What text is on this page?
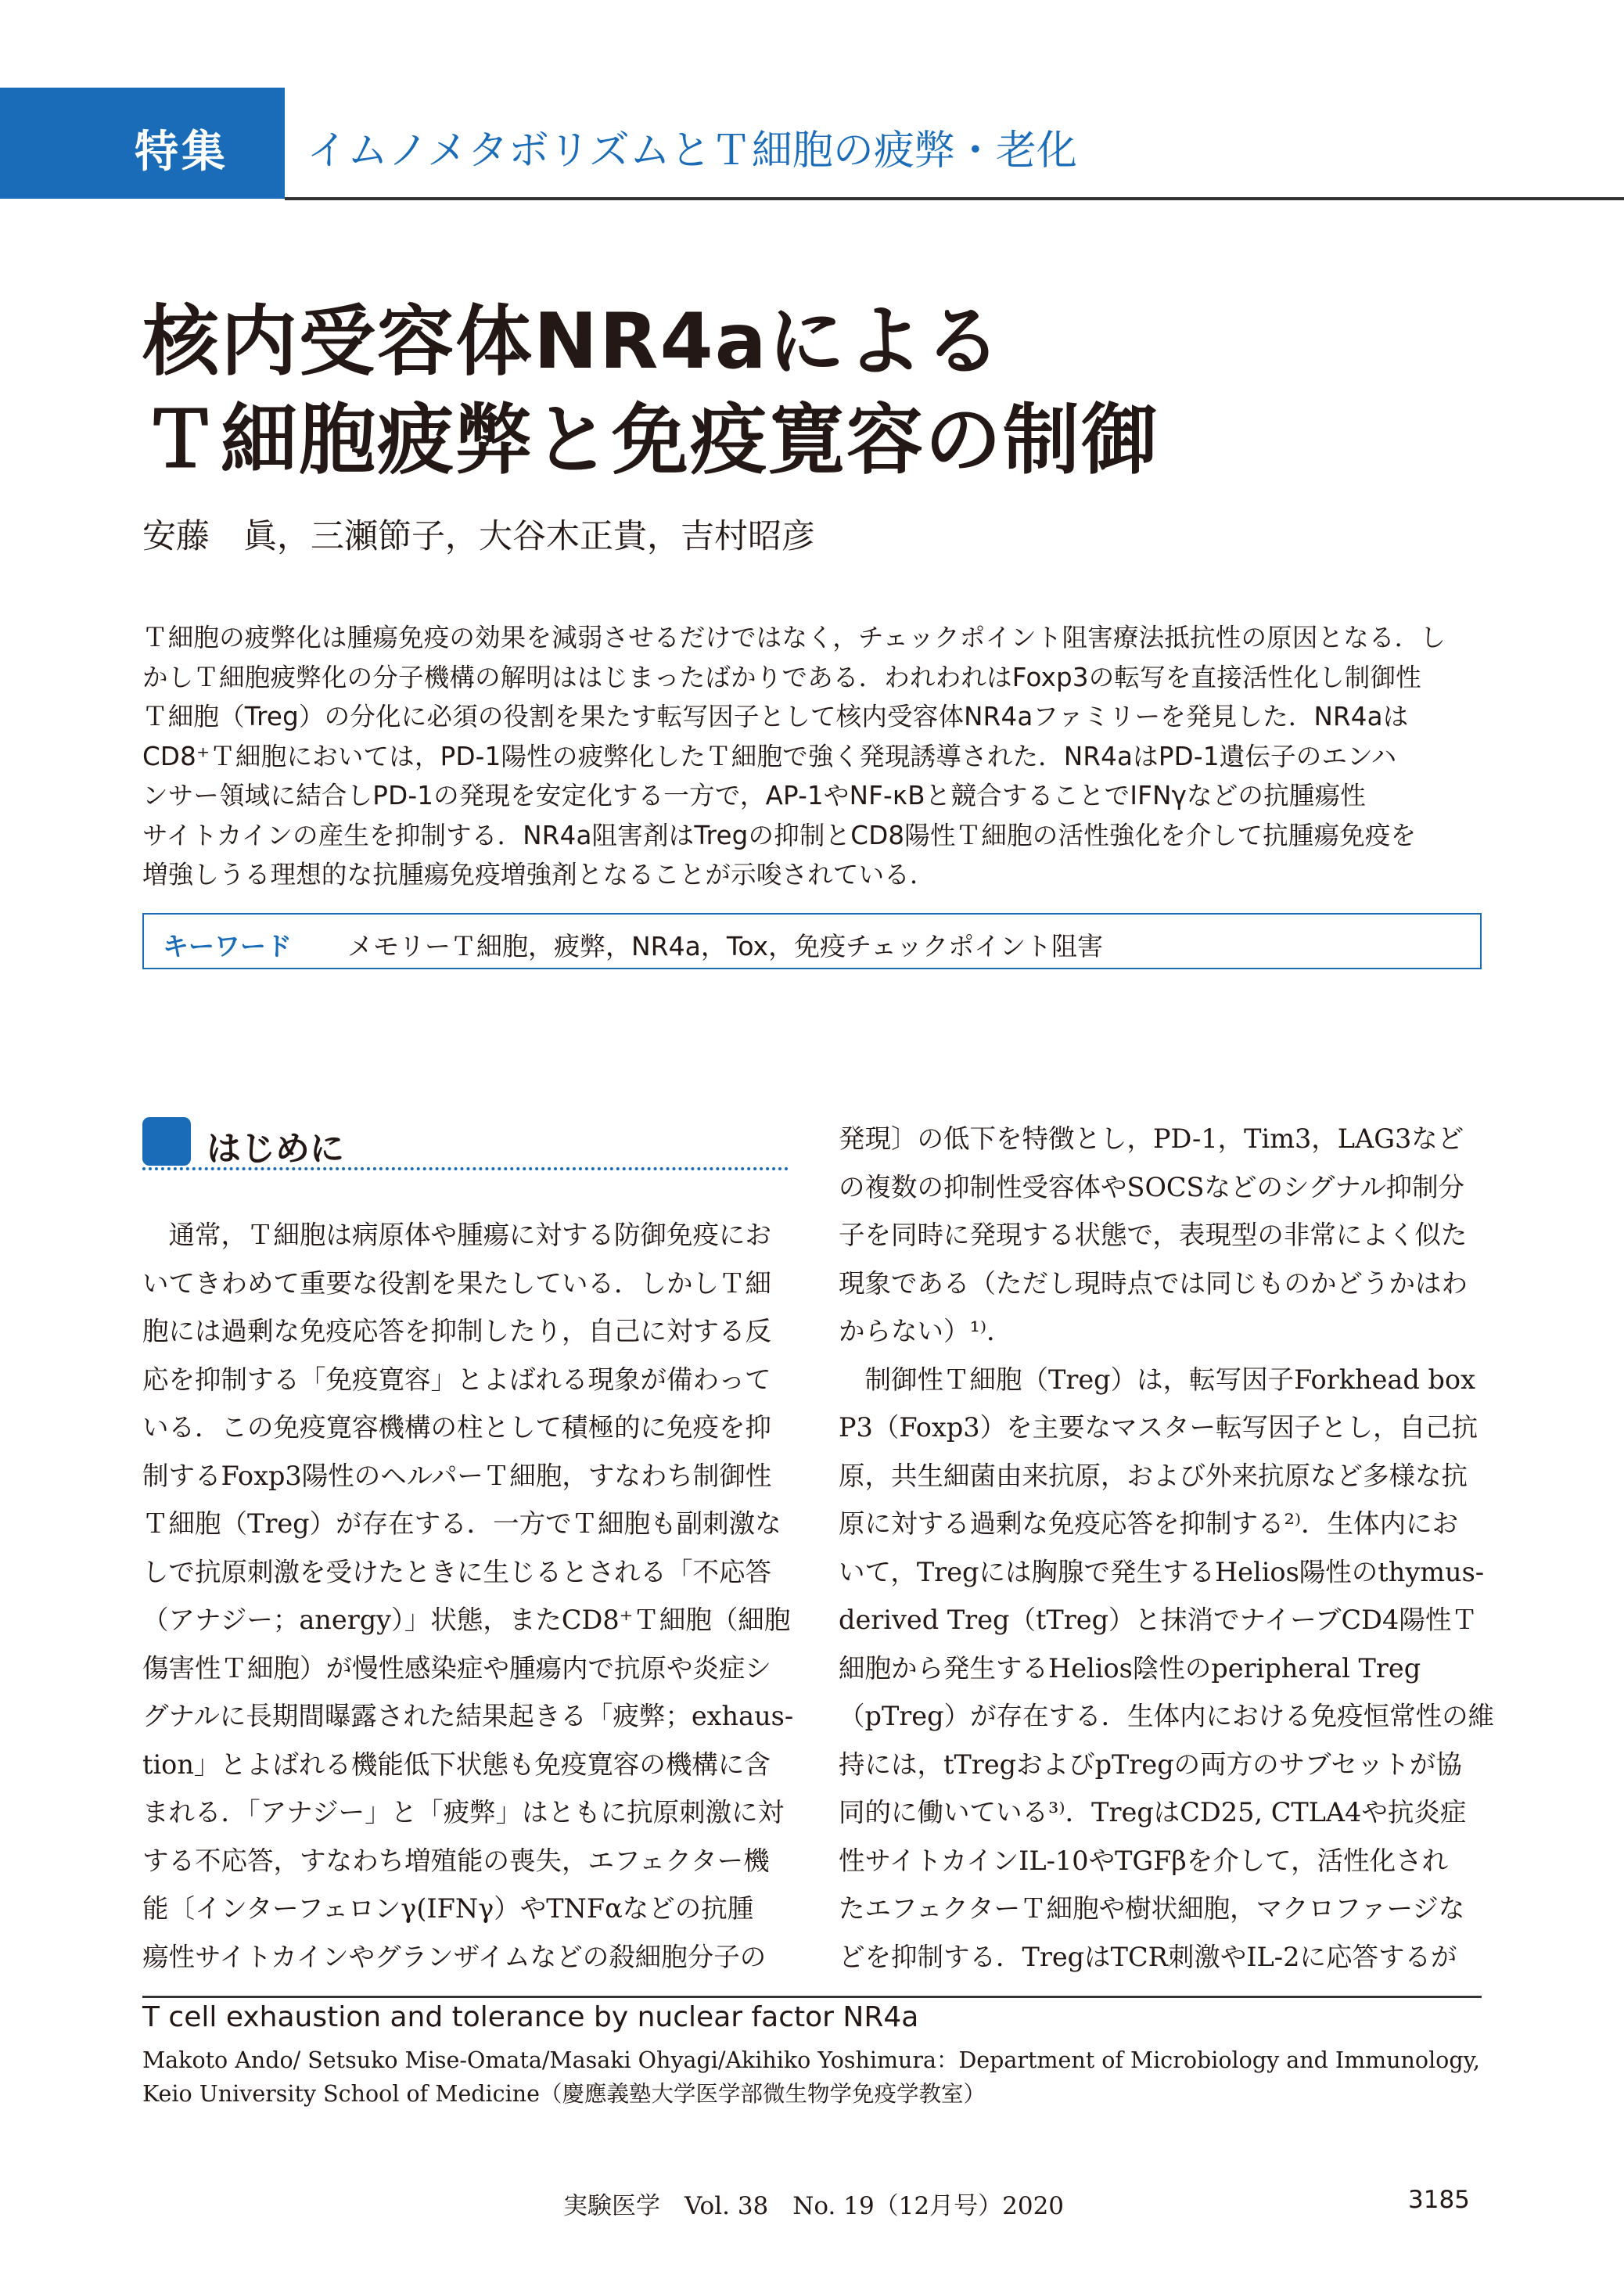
特集 イムノメタボリズムとＴ細胞の疲弊・老化
核内受容体NR4aによる
Ｔ細胞疲弊と免疫寛容の制御
安藤　眞，三瀬節子，大谷木正貴，吉村昭彦

Ｔ細胞の疲弊化は腫瘍免疫の効果を減弱させるだけではなく，チェックポイント阻害療法抵抗性の原因となる．し

かしＴ細胞疲弊化の分子機構の解明ははじまったばかりである．われわれはFoxp3の転写を直接活性化し制御性

Ｔ細胞（Treg）の分化に必須の役割を果たす転写因子として核内受容体NR4aファミリーを発見した．NR4aは

CD8⁺Ｔ細胞においては，PD-1陽性の疲弊化したＴ細胞で強く発現誘導された．NR4aはPD-1遺伝子のエンハ

ンサー領域に結合しPD-1の発現を安定化する一方で，AP-1やNF-κBと競合することでIFNγなどの抗腫瘍性

サイトカインの産生を抑制する．NR4a阻害剤はTregの抑制とCD8陽性Ｔ細胞の活性強化を介して抗腫瘍免疫を

増強しうる理想的な抗腫瘍免疫増強剤となることが示唆されている．

キーワード メモリーＴ細胞，疲弊，NR4a，Tox，免疫チェックポイント阻害
はじめに

　通常，Ｔ細胞は病原体や腫瘍に対する防御免疫にお

いてきわめて重要な役割を果たしている．しかしＴ細

胞には過剰な免疫応答を抑制したり，自己に対する反

応を抑制する「免疫寛容」とよばれる現象が備わって

いる．この免疫寛容機構の柱として積極的に免疫を抑

制するFoxp3陽性のヘルパーＴ細胞，すなわち制御性

Ｔ細胞（Treg）が存在する．一方でＴ細胞も副刺激な

しで抗原刺激を受けたときに生じるとされる「不応答

（アナジー；anergy）」状態，またCD8⁺Ｔ細胞（細胞

傷害性Ｔ細胞）が慢性感染症や腫瘍内で抗原や炎症シ

グナルに長期間曝露された結果起きる「疲弊；exhaus-

tion」とよばれる機能低下状態も免疫寛容の機構に含

まれる．「アナジー」と「疲弊」はともに抗原刺激に対

する不応答，すなわち増殖能の喪失，エフェクター機

能〔インターフェロンγ(IFNγ）やTNFαなどの抗腫

瘍性サイトカインやグランザイムなどの殺細胞分子の

発現〕の低下を特徴とし，PD-1，Tim3，LAG3など

の複数の抑制性受容体やSOCSなどのシグナル抑制分

子を同時に発現する状態で，表現型の非常によく似た

現象である（ただし現時点では同じものかどうかはわ

からない）¹⁾．

　制御性Ｔ細胞（Treg）は，転写因子Forkhead box

P3（Foxp3）を主要なマスター転写因子とし，自己抗

原，共生細菌由来抗原，および外来抗原など多様な抗

原に対する過剰な免疫応答を抑制する²⁾．生体内にお

いて，Tregには胸腺で発生するHelios陽性のthymus-

derived Treg（tTreg）と抹消でナイーブCD4陽性Ｔ

細胞から発生するHelios陰性のperipheral Treg

（pTreg）が存在する．生体内における免疫恒常性の維

持には，tTregおよびpTregの両方のサブセットが協

同的に働いている³⁾．TregはCD25, CTLA4や抗炎症

性サイトカインIL-10やTGFβを介して，活性化され

たエフェクターＴ細胞や樹状細胞，マクロファージな

どを抑制する．TregはTCR刺激やIL-2に応答するが

T cell exhaustion and tolerance by nuclear factor NR4a

Makoto Ando/ Setsuko Mise-Omata/Masaki Ohyagi/Akihiko Yoshimura：Department of Microbiology and Immunology,

Keio University School of Medicine（慶應義塾大学医学部微生物学免疫学教室）

実験医学　Vol. 38　No. 19（12月号）2020	3185
